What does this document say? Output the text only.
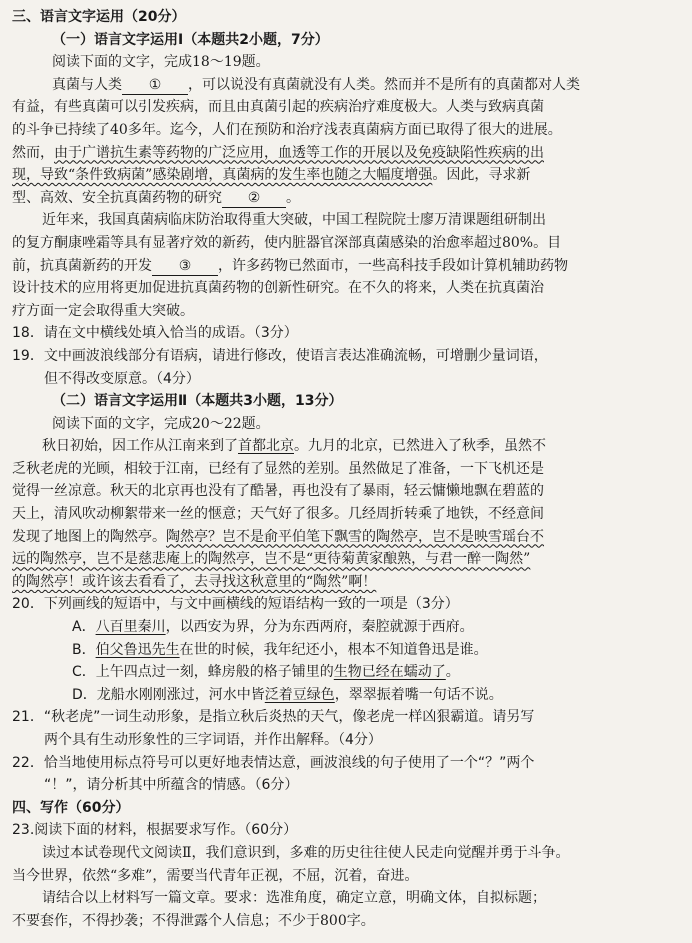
三、语言文字运用（20分）
（一）语言文字运用Ⅰ（本题共2小题，7分）
阅读下面的文字，完成18～19题。
真菌与人类 ① ，可以说没有真菌就没有人类。然而并不是所有的真菌都对人类
有益，有些真菌可以引发疾病，而且由真菌引起的疾病治疗难度极大。人类与致病真菌
的斗争已持续了40多年。迄今，人们在预防和治疗浅表真菌病方面已取得了很大的进展。
然而，由于广谱抗生素等药物的广泛应用，血透等工作的开展以及免疫缺陷性疾病的出
现，导致“条件致病菌”感染剧增，真菌病的发生率也随之大幅度增强。因此，寻求新
型、高效、安全抗真菌药物的研究 ② 。
近年来，我国真菌病临床防治取得重大突破，中国工程院院士廖万清课题组研制出
的复方酮康唑霜等具有显著疗效的新药，使内脏器官深部真菌感染的治愈率超过80%。目
前，抗真菌新药的开发 ③ ，许多药物已然面市，一些高科技手段如计算机辅助药物
设计技术的应用将更加促进抗真菌药物的创新性研究。在不久的将来，人类在抗真菌治
疗方面一定会取得重大突破。
18．请在文中横线处填入恰当的成语。（3分）
19．文中画波浪线部分有语病，请进行修改，使语言表达准确流畅，可增删少量词语，
但不得改变原意。（4分）
（二）语言文字运用Ⅱ（本题共3小题，13分）
阅读下面的文字，完成20～22题。
秋日初始，因工作从江南来到了首都北京。九月的北京，已然进入了秋季，虽然不
乏秋老虎的光顾，相较于江南，已经有了显然的差别。虽然做足了准备，一下飞机还是
觉得一丝凉意。秋天的北京再也没有了酷暑，再也没有了暴雨，轻云慵懒地飘在碧蓝的
天上，清风吹动柳絮带来一丝的惬意；天气好了很多。几经周折转乘了地铁，不经意间
发现了地图上的陶然亭。陶然亭？岂不是俞平伯笔下飘雪的陶然亭，岂不是映雪瑶台不
远的陶然亭，岂不是慈悲庵上的陶然亭，岂不是“更待菊黄家酿熟，与君一醉一陶然”
的陶然亭！或许该去看看了，去寻找这秋意里的“陶然”啊！
20．下列画线的短语中，与文中画横线的短语结构一致的一项是（3分）
A．八百里秦川，以西安为界，分为东西两府，秦腔就源于西府。
B．伯父鲁迅先生在世的时候，我年纪还小，根本不知道鲁迅是谁。
C．上午四点过一刻，蜂房般的格子铺里的生物已经在蠕动了。
D．龙船水刚刚涨过，河水中皆泛着豆绿色，翠翠振着嘴一句话不说。
21．“秋老虎”一词生动形象，是指立秋后炎热的天气，像老虎一样凶狠霸道。请另写
两个具有生动形象性的三字词语，并作出解释。（4分）
22．恰当地使用标点符号可以更好地表情达意，画波浪线的句子使用了一个“？”两个
“！”，请分析其中所蕴含的情感。（6分）
四、写作（60分）
23.阅读下面的材料，根据要求写作。（60分）
读过本试卷现代文阅读Ⅱ，我们意识到，多难的历史往往使人民走向觉醒并勇于斗争。
当今世界，依然“多难”，需要当代青年正视，不屈，沉着，奋进。
请结合以上材料写一篇文章。要求：选准角度，确定立意，明确文体，自拟标题；
不要套作，不得抄袭；不得泄露个人信息；不少于800字。
